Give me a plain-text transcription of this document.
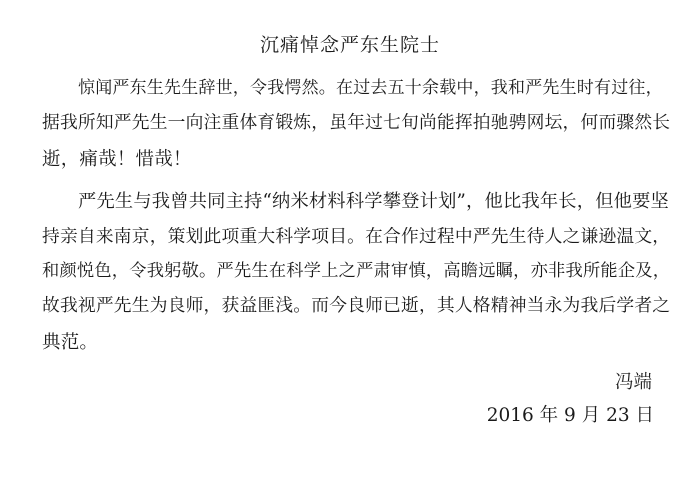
沉痛悼念严东生院士
惊闻严东生先生辞世，令我愕然。在过去五十余载中，我和严先生时有过往，
据我所知严先生一向注重体育锻炼，虽年过七旬尚能挥拍驰骋网坛，何而骤然长
逝，痛哉！惜哉！
严先生与我曾共同主持“纳米材料科学攀登计划”，他比我年长，但他要坚
持亲自来南京，策划此项重大科学项目。在合作过程中严先生待人之谦逊温文，
和颜悦色，令我躬敬。严先生在科学上之严肃审慎，高瞻远瞩，亦非我所能企及，
故我视严先生为良师，获益匪浅。而今良师已逝，其人格精神当永为我后学者之
典范。
冯端
2016 年 9 月 23 日
